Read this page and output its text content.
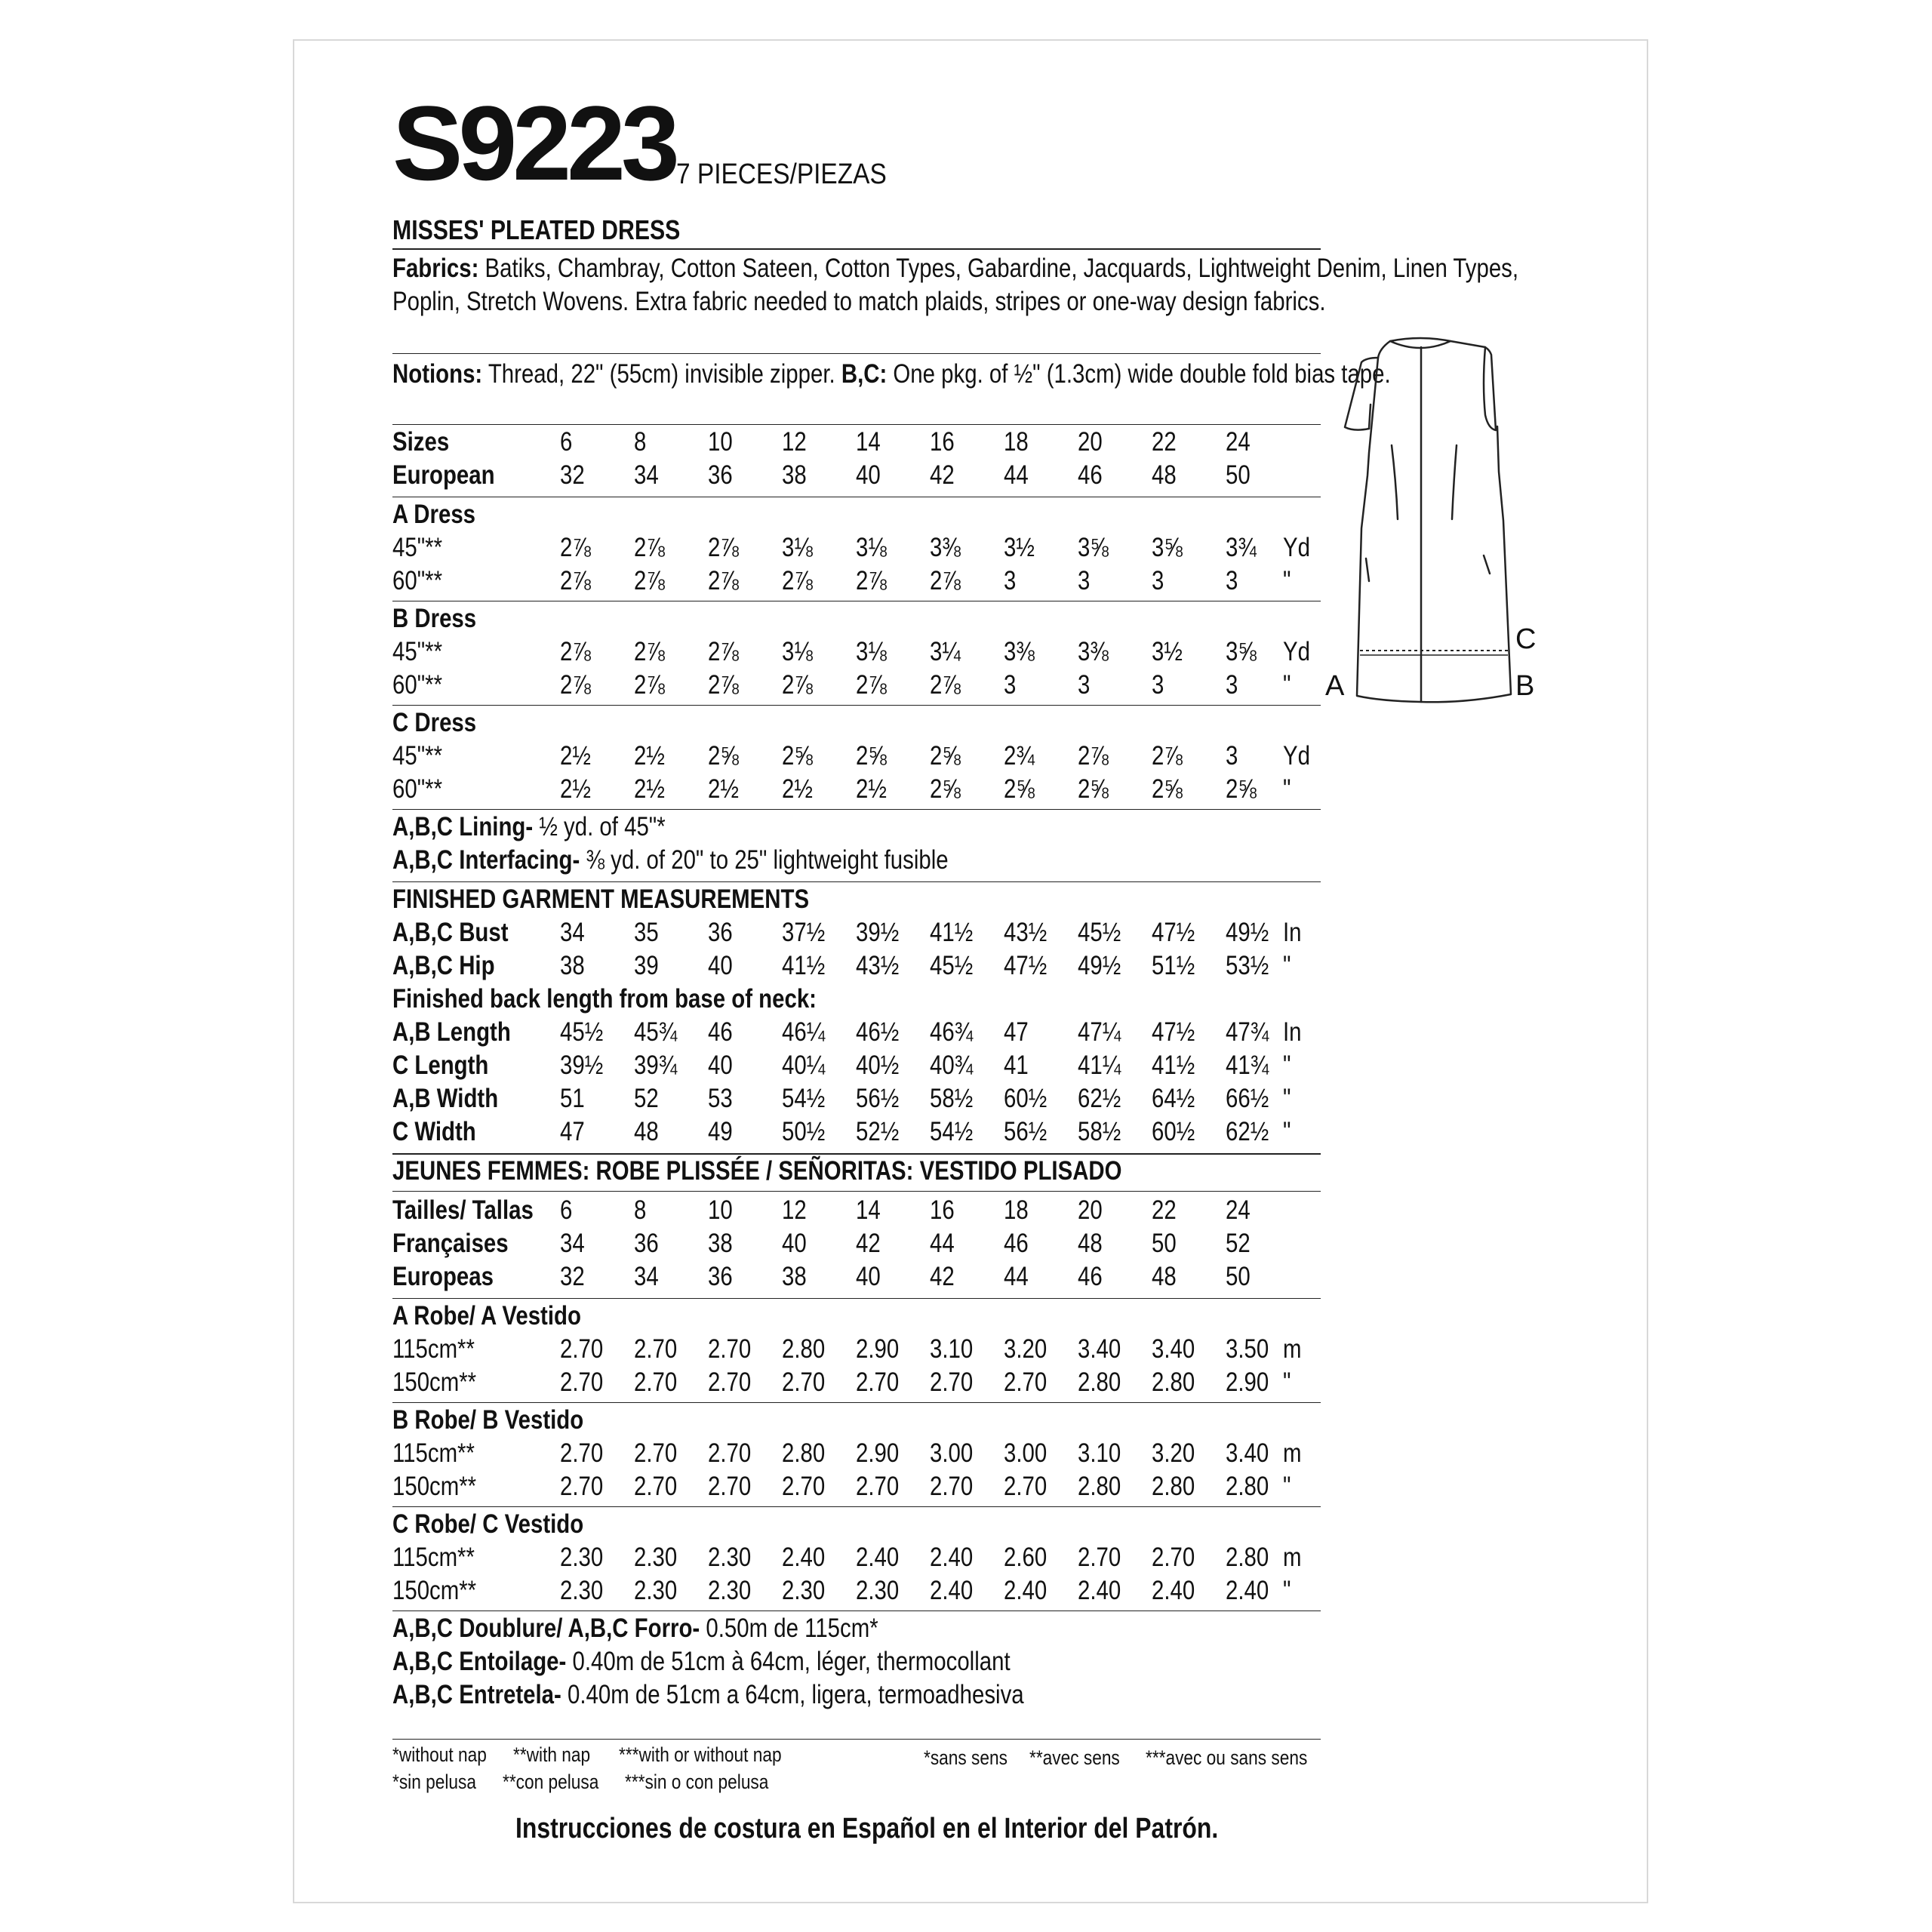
S9223 7 PIECES/PIEZAS
MISSES' PLEATED DRESS
Fabrics: Batiks, Chambray, Cotton Sateen, Cotton Types, Gabardine, Jacquards, Lightweight Denim, Linen Types, Poplin, Stretch Wovens. Extra fabric needed to match plaids, stripes or one-way design fabrics.
Notions: Thread, 22" (55cm) invisible zipper. B,C: One pkg. of ½" (1.3cm) wide double fold bias tape.
Sizes	6 8 10 12 14 16 18 20 22 24
European 32 34 36 38 40 42 44 46 48 50
A Dress
45"**	2⅞ 2⅞ 2⅞ 3⅛ 3⅛ 3⅜ 3½ 3⅝ 3⅝ 3¾ Yd
60"**	2⅞ 2⅞ 2⅞ 2⅞ 2⅞ 2⅞ 3 3 3 3 "
B Dress
45"**	2⅞ 2⅞ 2⅞ 3⅛ 3⅛ 3¼ 3⅜ 3⅜ 3½ 3⅝ Yd
60"**	2⅞ 2⅞ 2⅞ 2⅞ 2⅞ 2⅞ 3 3 3 3 "
C Dress
45"**	2½ 2½ 2⅝ 2⅝ 2⅝ 2⅝ 2¾ 2⅞ 2⅞ 3 Yd
60"**	2½ 2½ 2½ 2½ 2½ 2⅝ 2⅝ 2⅝ 2⅝ 2⅝ "
A,B,C Lining- ½ yd. of 45"*
A,B,C Interfacing- ⅜ yd. of 20" to 25" lightweight fusible
FINISHED GARMENT MEASUREMENTS
A,B,C Bust 34 35 36 37½ 39½ 41½ 43½ 45½ 47½ 49½ In
A,B,C Hip 38 39 40 41½ 43½ 45½ 47½ 49½ 51½ 53½ "
Finished back length from base of neck:
A,B Length 45½ 45¾ 46 46¼ 46½ 46¾ 47 47¼ 47½ 47¾ In
C Length	39½ 39¾ 40 40¼ 40½ 40¾ 41 41¼ 41½ 41¾ "
A,B Width 51 52 53 54½ 56½ 58½ 60½ 62½ 64½ 66½ "
C Width	47 48 49 50½ 52½ 54½ 56½ 58½ 60½ 62½ "
JEUNES FEMMES: ROBE PLISSÉE / SEÑORITAS: VESTIDO PLISADO
Tailles/ Tallas 6 8 10 12 14 16 18 20 22 24
Françaises 34 36 38 40 42 44 46 48 50 52
Europeas	32 34 36 38 40 42 44 46 48 50
A Robe/ A Vestido
115cm**	2.70 2.70 2.70 2.80 2.90 3.10 3.20 3.40 3.40 3.50 m
150cm**	2.70 2.70 2.70 2.70 2.70 2.70 2.70 2.80 2.80 2.90 "
B Robe/ B Vestido
115cm**	2.70 2.70 2.70 2.80 2.90 3.00 3.00 3.10 3.20 3.40 m
150cm**	2.70 2.70 2.70 2.70 2.70 2.70 2.70 2.80 2.80 2.80 "
C Robe/ C Vestido
115cm**	2.30 2.30 2.30 2.40 2.40 2.40 2.60 2.70 2.70 2.80 m
150cm**	2.30 2.30 2.30 2.30 2.30 2.40 2.40 2.40 2.40 2.40 "
A,B,C Doublure/ A,B,C Forro- 0.50m de 115cm*
A,B,C Entoilage- 0.40m de 51cm à 64cm, léger, thermocollant
A,B,C Entretela- 0.40m de 51cm a 64cm, ligera, termoadhesiva
*without nap **with nap ***with or without nap	*sans sens **avec sens ***avec ou sans sens
*sin pelusa **con pelusa ***sin o con pelusa
Instrucciones de costura en Español en el Interior del Patrón.
C
A	B
